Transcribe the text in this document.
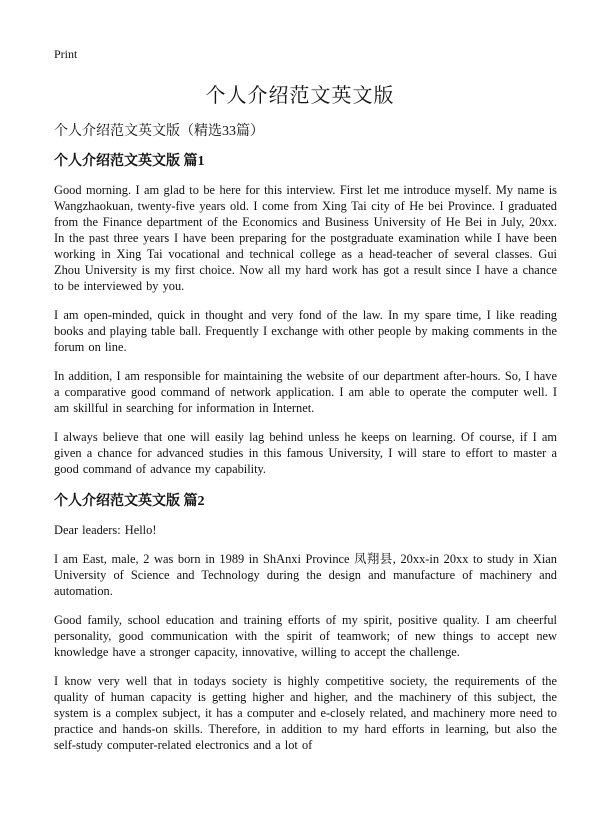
Print
个人介绍范文英文版
个人介绍范文英文版（精选33篇）
个人介绍范文英文版 篇1

Good morning. I am glad to be here for this interview. First let me introduce myself. My name is Wangzhaokuan, twenty-five years old. I come from Xing Tai city of He bei Province. I graduated from the Finance department of the Economics and Business University of He Bei in July, 20xx. In the past three years I have been preparing for the postgraduate examination while I have been working in Xing Tai vocational and technical college as a head-teacher of several classes. Gui Zhou University is my first choice. Now all my hard work has got a result since I have a chance to be interviewed by you.

I am open-minded, quick in thought and very fond of the law. In my spare time, I like reading books and playing table ball. Frequently I exchange with other people by making comments in the forum on line.

In addition, I am responsible for maintaining the website of our department after-hours. So, I have a comparative good command of network application. I am able to operate the computer well. I am skillful in searching for information in Internet.

I always believe that one will easily lag behind unless he keeps on learning. Of course, if I am given a chance for advanced studies in this famous University, I will stare to effort to master a good command of advance my capability.

个人介绍范文英文版 篇2

Dear leaders: Hello!

I am East, male, 2 was born in 1989 in ShAnxi Province 凤翔县, 20xx-in 20xx to study in Xian University of Science and Technology during the design and manufacture of machinery and automation.

Good family, school education and training efforts of my spirit, positive quality. I am cheerful personality, good communication with the spirit of teamwork; of new things to accept new knowledge have a stronger capacity, innovative, willing to accept the challenge.

I know very well that in todays society is highly competitive society, the requirements of the quality of human capacity is getting higher and higher, and the machinery of this subject, the system is a complex subject, it has a computer and e-closely related, and machinery more need to practice and hands-on skills. Therefore, in addition to my hard efforts in learning, but also the self-study computer-related electronics and a lot of
